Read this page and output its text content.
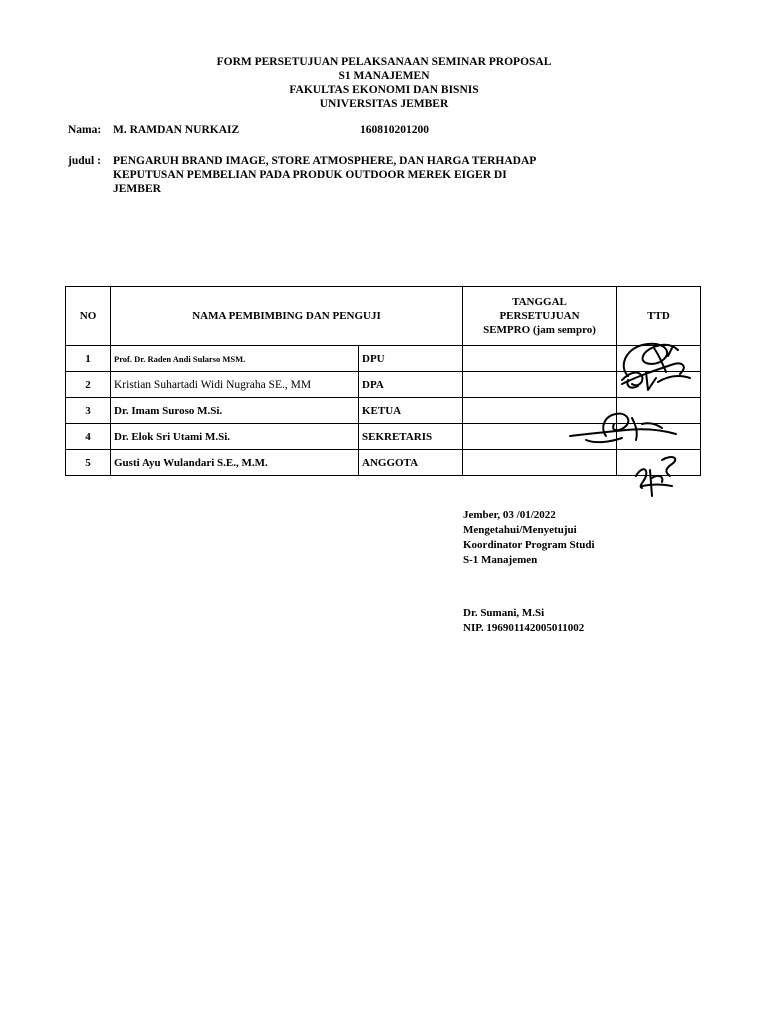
FORM PERSETUJUAN PELAKSANAAN SEMINAR PROPOSAL
S1 MANAJEMEN
FAKULTAS EKONOMI DAN BISNIS
UNIVERSITAS JEMBER
Nama: M. RAMDAN NURKAIZ	160810201200
judul : PENGARUH BRAND IMAGE, STORE ATMOSPHERE, DAN HARGA TERHADAP
KEPUTUSAN PEMBELIAN PADA PRODUK OUTDOOR MEREK EIGER DI
JEMBER
NO	NAMA PEMBIMBING DAN PENGUJI		TANGGAL
PERSETUJUAN
SEMPRO (jam sempro)	TTD
1	Prof. Dr. Raden Andi Sularso MSM.	DPU		
2	Kristian Suhartadi Widi Nugraha SE., MM	DPA		
3	Dr. Imam Suroso M.Si.	KETUA		
4	Dr. Elok Sri Utami M.Si.	SEKRETARIS		
5	Gusti Ayu Wulandari S.E., M.M.	ANGGOTA		
Jember, 03 /01/2022
Mengetahui/Menyetujui
Koordinator Program Studi
S-1 Manajemen
Dr. Sumani, M.Si
NIP. 196901142005011002
